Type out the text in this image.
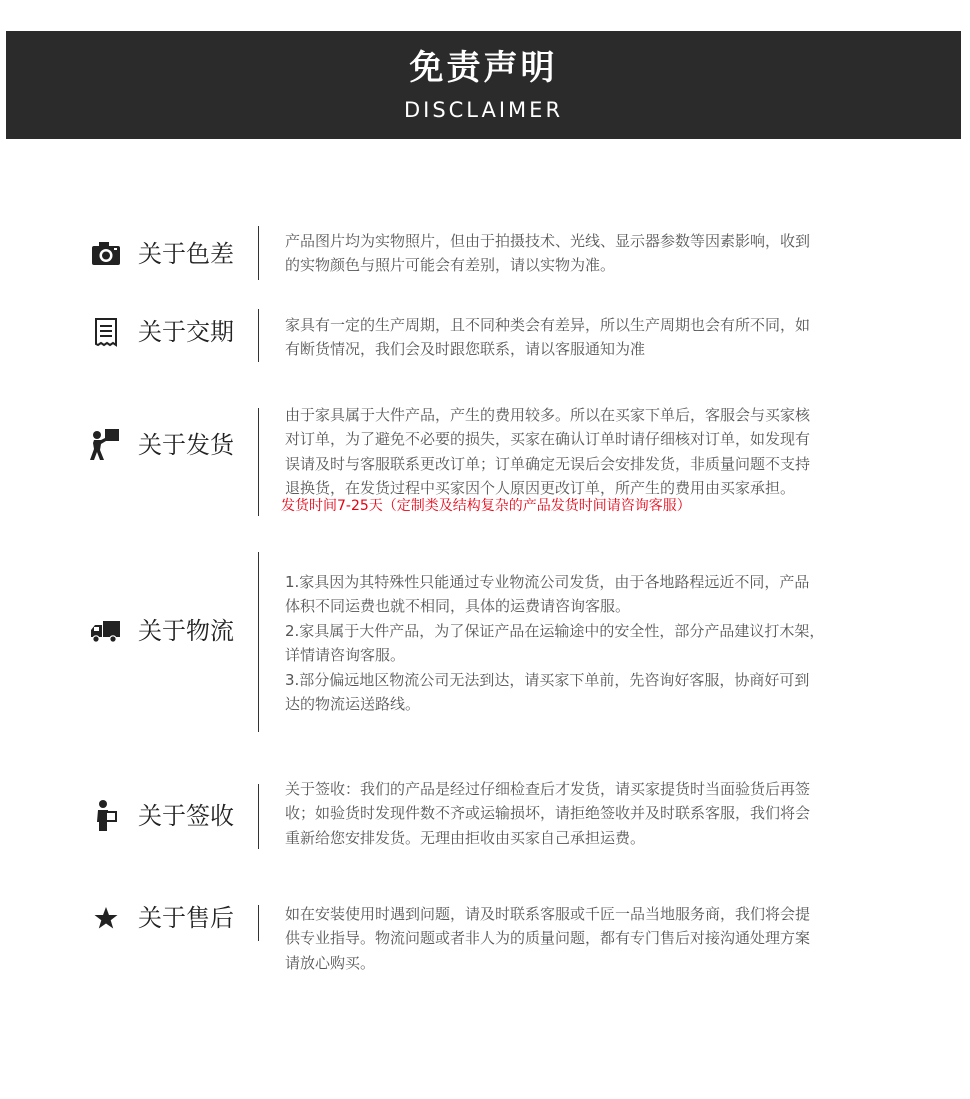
免责声明
DISCLAIMER
关于色差	产品图片均为实物照片，但由于拍摄技术、光线、显示器参数等因素影响，收到

的实物颜色与照片可能会有差别，请以实物为准。

关于交期	家具有一定的生产周期，且不同种类会有差异，所以生产周期也会有所不同，如

有断货情况，我们会及时跟您联系，请以客服通知为准

关于发货

由于家具属于大件产品，产生的费用较多。所以在买家下单后，客服会与买家核

对订单，为了避免不必要的损失，买家在确认订单时请仔细核对订单，如发现有

误请及时与客服联系更改订单；订单确定无误后会安排发货，非质量问题不支持

退换货，在发货过程中买家因个人原因更改订单，所产生的费用由买家承担。

发货时间7-25天（定制类及结构复杂的产品发货时间请咨询客服）
关于物流

1.家具因为其特殊性只能通过专业物流公司发货，由于各地路程远近不同，产品

体积不同运费也就不相同，具体的运费请咨询客服。

2.家具属于大件产品，为了保证产品在运输途中的安全性，部分产品建议打木架，

详情请咨询客服。

3.部分偏远地区物流公司无法到达，请买家下单前，先咨询好客服，协商好可到

达的物流运送路线。

关于签收

关于签收：我们的产品是经过仔细检查后才发货，请买家提货时当面验货后再签

收；如验货时发现件数不齐或运输损坏，请拒绝签收并及时联系客服，我们将会

重新给您安排发货。无理由拒收由买家自己承担运费。

关于售后	如在安装使用时遇到问题，请及时联系客服或千匠一品当地服务商，我们将会提

供专业指导。物流问题或者非人为的质量问题，都有专门售后对接沟通处理方案

请放心购买。
